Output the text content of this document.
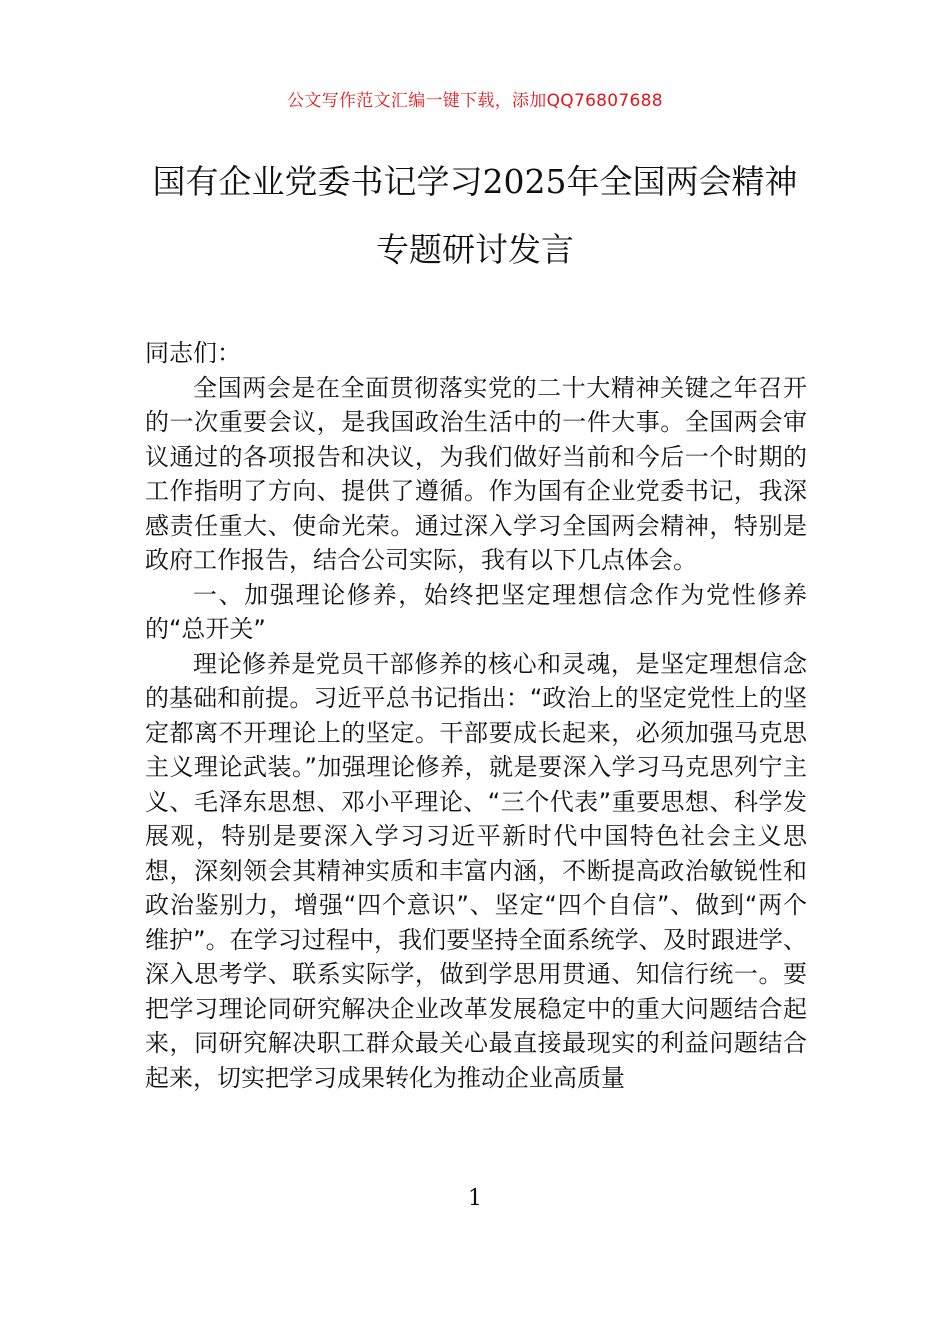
公文写作范文汇编一键下载，添加QQ76807688
国有企业党委书记学习2025年全国两会精神专题研讨发言

同志们：

全国两会是在全面贯彻落实党的二十大精神关键之年召开的一次重要会议，是我国政治生活中的一件大事。全国两会审议通过的各项报告和决议，为我们做好当前和今后一个时期的工作指明了方向、提供了遵循。作为国有企业党委书记，我深感责任重大、使命光荣。通过深入学习全国两会精神，特别是政府工作报告，结合公司实际，我有以下几点体会。

一、加强理论修养，始终把坚定理想信念作为党性修养的“总开关”

理论修养是党员干部修养的核心和灵魂，是坚定理想信念的基础和前提。习近平总书记指出：“政治上的坚定党性上的坚定都离不开理论上的坚定。干部要成长起来，必须加强马克思主义理论武装。”加强理论修养，就是要深入学习马克思列宁主义、毛泽东思想、邓小平理论、“三个代表”重要思想、科学发展观，特别是要深入学习习近平新时代中国特色社会主义思想，深刻领会其精神实质和丰富内涵，不断提高政治敏锐性和政治鉴别力，增强“四个意识”、坚定“四个自信”、做到“两个维护”。在学习过程中，我们要坚持全面系统学、及时跟进学、深入思考学、联系实际学，做到学思用贯通、知信行统一。要把学习理论同研究解决企业改革发展稳定中的重大问题结合起来，同研究解决职工群众最关心最直接最现实的利益问题结合起来，切实把学习成果转化为推动企业高质量

1
